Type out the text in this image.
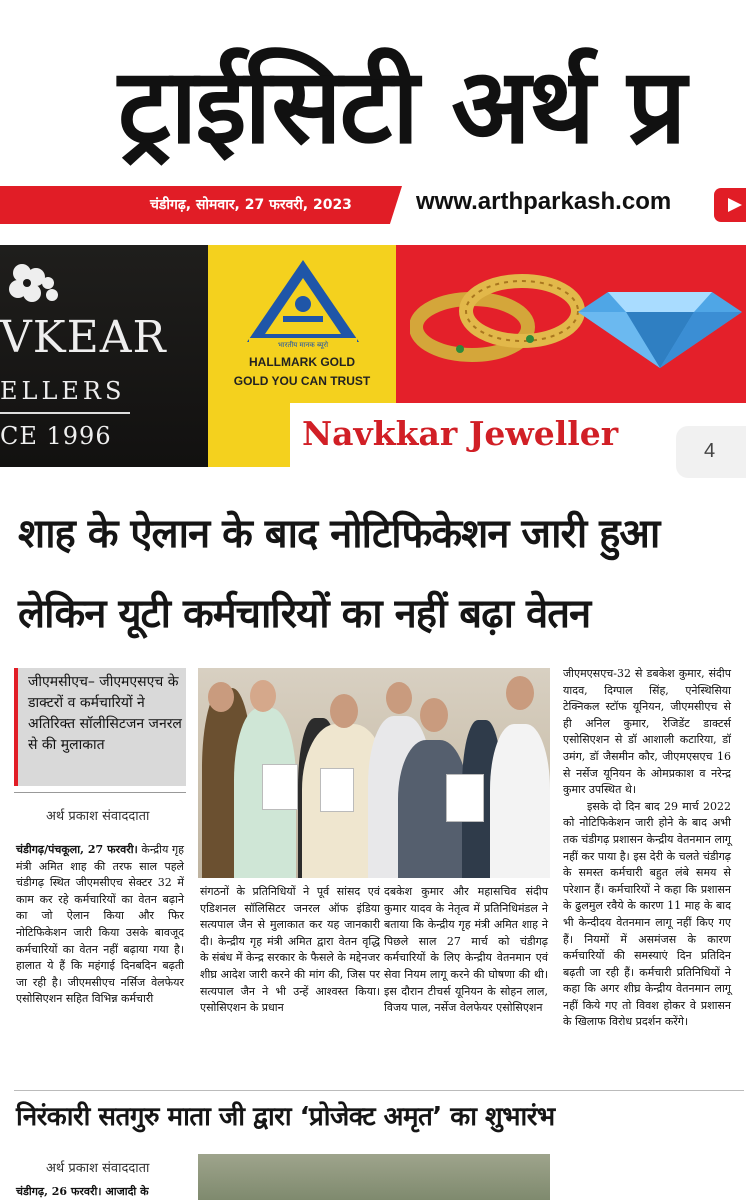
ट्राईसिटी अर्थ प्र
चंडीगढ़, सोमवार, 27 फरवरी, 2023	www.arthparkash.com
VKEAR
ELLERS
CE 1996
भारतीय मानक ब्यूरो
HALLMARK GOLD
GOLD YOU CAN TRUST
Navkkar Jeweller	4
शाह के ऐलान के बाद नोटिफिकेशन जारी हुआ
लेकिन यूटी कर्मचारियों का नहीं बढ़ा वेतन
जीएमसीएच– जीएमएसएच के डाक्टरों व कर्मचारियों ने अतिरिक्त सॉलीसिटजन जनरल से की मुलाकात
अर्थ प्रकाश संवाददाता
चंडीगढ़/पंचकूला, 27 फरवरी। केन्द्रीय गृह मंत्री अमित शाह की तरफ साल पहले चंडीगढ़ स्थित जीएमसीएच सेक्टर 32 में काम कर रहे कर्मचारियों का वेतन बढ़ाने का जो ऐलान किया और फिर नोटिफिकेशन जारी किया उसके बावजूद कर्मचारियों का वेतन नहीं बढ़ाया गया है। हालात ये हैं कि महंगाई दिनबदिन बढ़ती जा रही है। जीएमसीएच नर्सिज वेलफेयर एसोसिएशन सहित विभिन्न कर्मचारी
संगठनों के प्रतिनिधियों ने पूर्व सांसद एवं एडिशनल सॉलिसिटर जनरल ऑफ इंडिया सत्यपाल जैन से मुलाकात कर यह जानकारी दी। केन्द्रीय गृह मंत्री अमित द्वारा वेतन वृद्धि के संबंध में केन्द्र सरकार के फैसले के मद्देनजर शीघ्र आदेश जारी करने की मांग की, जिस पर सत्यपाल जैन ने भी उन्हें आश्वस्त किया। एसोसिएशन के प्रधान
दबकेश कुमार और महासचिव संदीप कुमार यादव के नेतृत्व में प्रतिनिधिमंडल ने बताया कि केन्द्रीय गृह मंत्री अमित शाह ने पिछले साल 27 मार्च को चंडीगढ़ कर्मचारियों के लिए केन्द्रीय वेतनमान एवं सेवा नियम लागू करने की घोषणा की थी। इस दौरान टीचर्स यूनियन के सोहन लाल, विजय पाल, नर्सेज वेलफेयर एसोसिएशन

जीएमएसएच-32 से डबकेश कुमार, संदीप यादव, दिग्पाल सिंह, एनेस्थिसिया टेक्निकल स्टॉफ यूनियन, जीएमसीएच से ही अनिल कुमार, रेजिडेंट डाक्टर्स एसोसिएशन से डॉ आशाली कटारिया, डॉ उमंग, डॉ जैसमीन कौर, जीएमएसएच 16 से नर्सेज यूनियन के ओमप्रकाश व नरेन्द्र कुमार उपस्थित थे।

इसके दो दिन बाद 29 मार्च 2022 को नोटिफिकेशन जारी होने के बाद अभी तक चंडीगढ़ प्रशासन केन्द्रीय वेतनमान लागू नहीं कर पाया है। इस देरी के चलते चंडीगढ़ के समस्त कर्मचारी बहुत लंबे समय से परेशान हैं। कर्मचारियों ने कहा कि प्रशासन के ढुलमुल रवैये के कारण 11 माह के बाद भी केन्दीदय वेतनमान लागू नहीं किए गए हैं। नियमों में असमंजस के कारण कर्मचारियों की समस्याएं दिन प्रतिदिन बढ़ती जा रही हैं। कर्मचारी प्रतिनिधियों ने कहा कि अगर शीघ्र केन्द्रीय वेतनमान लागू नहीं किये गए तो विवश होकर वे प्रशासन के खिलाफ विरोध प्रदर्शन करेंगे।

निरंकारी सतगुरु माता जी द्वारा ‘प्रोजेक्ट अमृत’ का शुभारंभ
अर्थ प्रकाश संवाददाता
चंडीगढ़, 26 फरवरी। आजादी के
